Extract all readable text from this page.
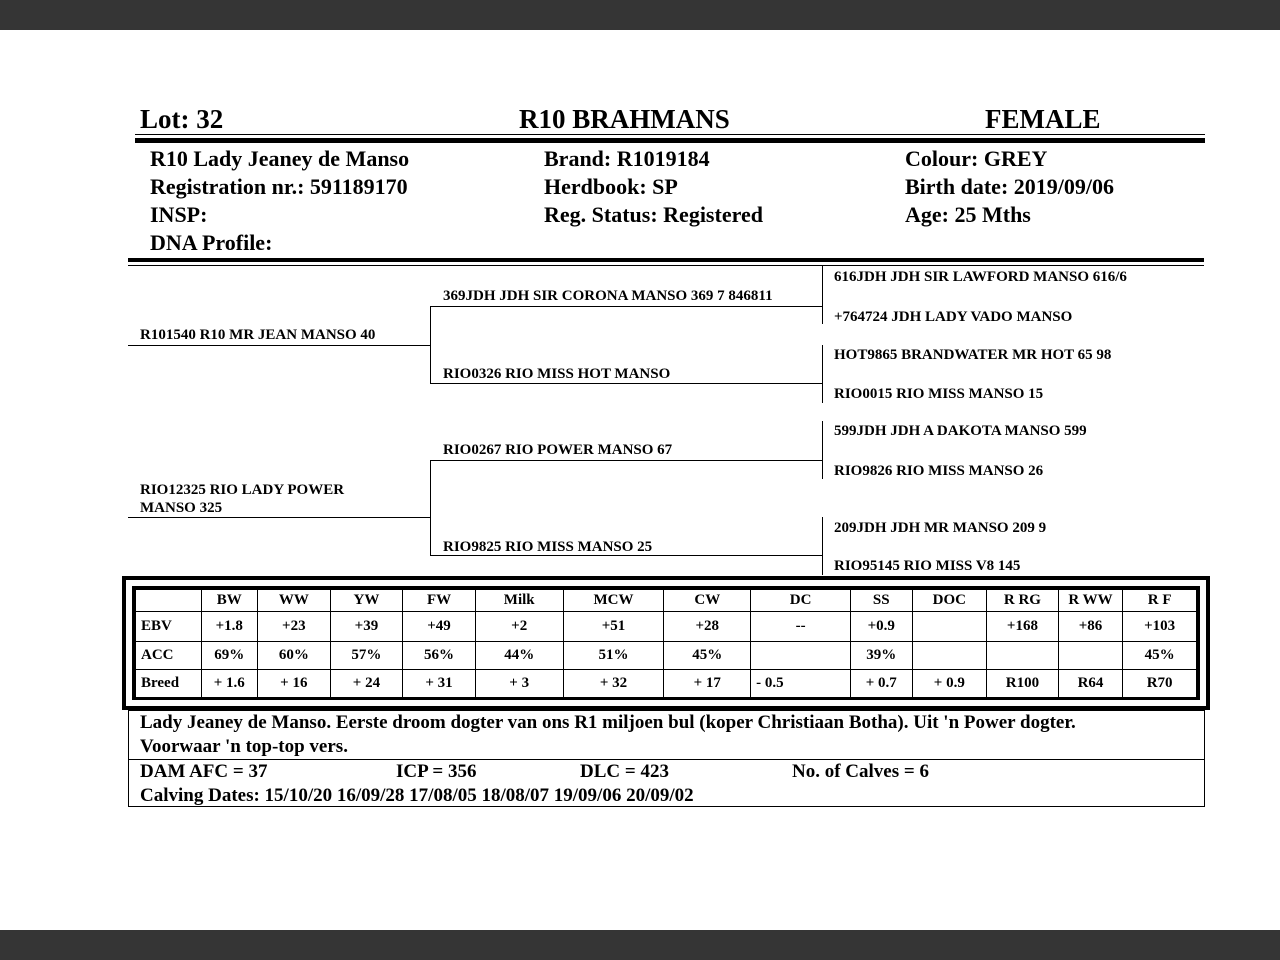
Lot: 32	R10 BRAHMANS	FEMALE
R10 Lady Jeaney de Manso
Registration nr.: 591189170
INSP:
DNA Profile:
Brand: R1019184
Herdbook: SP
Reg. Status: Registered
Colour: GREY
Birth date: 2019/09/06
Age: 25 Mths
R101540 R10 MR JEAN MANSO 40
RIO12325 RIO LADY POWER
MANSO 325
369JDH JDH SIR CORONA MANSO 369 7 846811
RIO0326 RIO MISS HOT MANSO
RIO0267 RIO POWER MANSO 67
RIO9825 RIO MISS MANSO 25
616JDH JDH SIR LAWFORD MANSO 616/6
+764724 JDH LADY VADO MANSO
HOT9865 BRANDWATER MR HOT 65 98
RIO0015 RIO MISS MANSO 15
599JDH JDH A DAKOTA MANSO 599
RIO9826 RIO MISS MANSO 26
209JDH JDH MR MANSO 209 9
RIO95145 RIO MISS V8 145
	BW	WW	YW	FW	Milk	MCW	CW	DC	SS	DOC	R RG	R WW	R F
EBV	+1.8	+23	+39	+49	+2	+51	+28	--	+0.9		+168	+86	+103
ACC	69%	60%	57%	56%	44%	51%	45%		39%				45%
Breed	+ 1.6	+ 16	+ 24	+ 31	+ 3	+ 32	+ 17	- 0.5	+ 0.7	+ 0.9	R100	R64	R70
Lady Jeaney de Manso. Eerste droom dogter van ons R1 miljoen bul (koper Christiaan Botha). Uit 'n Power dogter.
Voorwaar 'n top-top vers.
DAM AFC = 37	ICP = 356	DLC = 423	No. of Calves = 6
Calving Dates: 15/10/20 16/09/28 17/08/05 18/08/07 19/09/06 20/09/02
